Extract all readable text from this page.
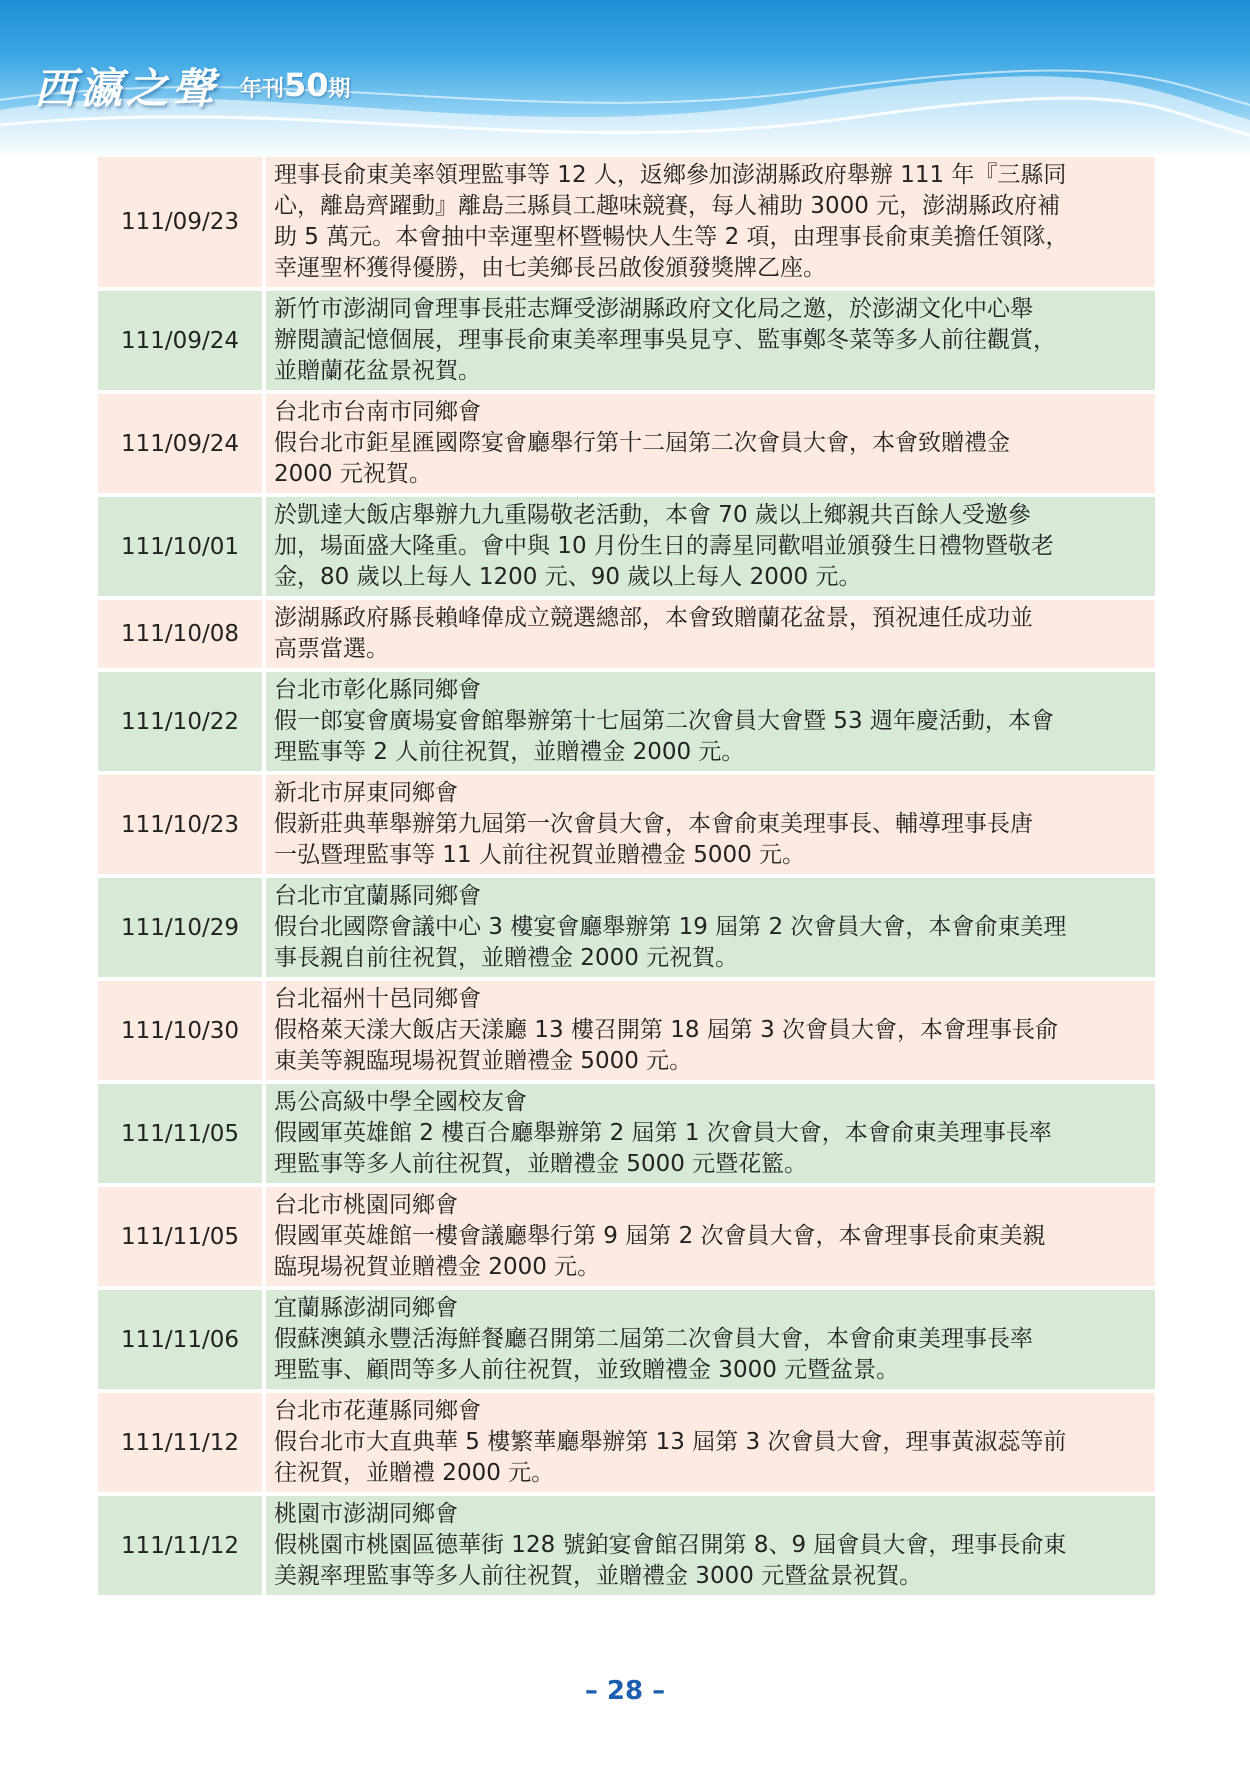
西瀛之聲 年刊50期
111/09/23
理事長俞東美率領理監事等 12 人，返鄉參加澎湖縣政府舉辦 111 年『三縣同
心，離島齊躍動』離島三縣員工趣味競賽，每人補助 3000 元，澎湖縣政府補
助 5 萬元。本會抽中幸運聖杯暨暢快人生等 2 項，由理事長俞東美擔任領隊，
幸運聖杯獲得優勝，由七美鄉長呂啟俊頒發獎牌乙座。
111/09/24
新竹市澎湖同會理事長莊志輝受澎湖縣政府文化局之邀，於澎湖文化中心舉
辦閱讀記憶個展，理事長俞東美率理事吳見亨、監事鄭冬菜等多人前往觀賞，
並贈蘭花盆景祝賀。
111/09/24
台北市台南市同鄉會
假台北市鉅星匯國際宴會廳舉行第十二屆第二次會員大會，本會致贈禮金
2000 元祝賀。
111/10/01
於凱達大飯店舉辦九九重陽敬老活動，本會 70 歲以上鄉親共百餘人受邀參
加，場面盛大隆重。會中與 10 月份生日的壽星同歡唱並頒發生日禮物暨敬老
金，80 歲以上每人 1200 元、90 歲以上每人 2000 元。
111/10/08
澎湖縣政府縣長賴峰偉成立競選總部，本會致贈蘭花盆景，預祝連任成功並
高票當選。
111/10/22
台北市彰化縣同鄉會
假一郎宴會廣場宴會館舉辦第十七屆第二次會員大會暨 53 週年慶活動，本會
理監事等 2 人前往祝賀，並贈禮金 2000 元。
111/10/23
新北市屏東同鄉會
假新莊典華舉辦第九屆第一次會員大會，本會俞東美理事長、輔導理事長唐
一弘暨理監事等 11 人前往祝賀並贈禮金 5000 元。
111/10/29
台北市宜蘭縣同鄉會
假台北國際會議中心 3 樓宴會廳舉辦第 19 屆第 2 次會員大會，本會俞東美理
事長親自前往祝賀，並贈禮金 2000 元祝賀。
111/10/30
台北福州十邑同鄉會
假格萊天漾大飯店天漾廳 13 樓召開第 18 屆第 3 次會員大會，本會理事長俞
東美等親臨現場祝賀並贈禮金 5000 元。
111/11/05
馬公高級中學全國校友會
假國軍英雄館 2 樓百合廳舉辦第 2 屆第 1 次會員大會，本會俞東美理事長率
理監事等多人前往祝賀，並贈禮金 5000 元暨花籃。
111/11/05
台北市桃園同鄉會
假國軍英雄館一樓會議廳舉行第 9 屆第 2 次會員大會，本會理事長俞東美親
臨現場祝賀並贈禮金 2000 元。
111/11/06
宜蘭縣澎湖同鄉會
假蘇澳鎮永豐活海鮮餐廳召開第二屆第二次會員大會，本會俞東美理事長率
理監事、顧問等多人前往祝賀，並致贈禮金 3000 元暨盆景。
111/11/12
台北市花蓮縣同鄉會
假台北市大直典華 5 樓繁華廳舉辦第 13 屆第 3 次會員大會，理事黃淑蕊等前
往祝賀，並贈禮 2000 元。
111/11/12
桃園市澎湖同鄉會
假桃園市桃園區德華街 128 號鉑宴會館召開第 8、9 屆會員大會，理事長俞東
美親率理監事等多人前往祝賀，並贈禮金 3000 元暨盆景祝賀。
– 28 –
